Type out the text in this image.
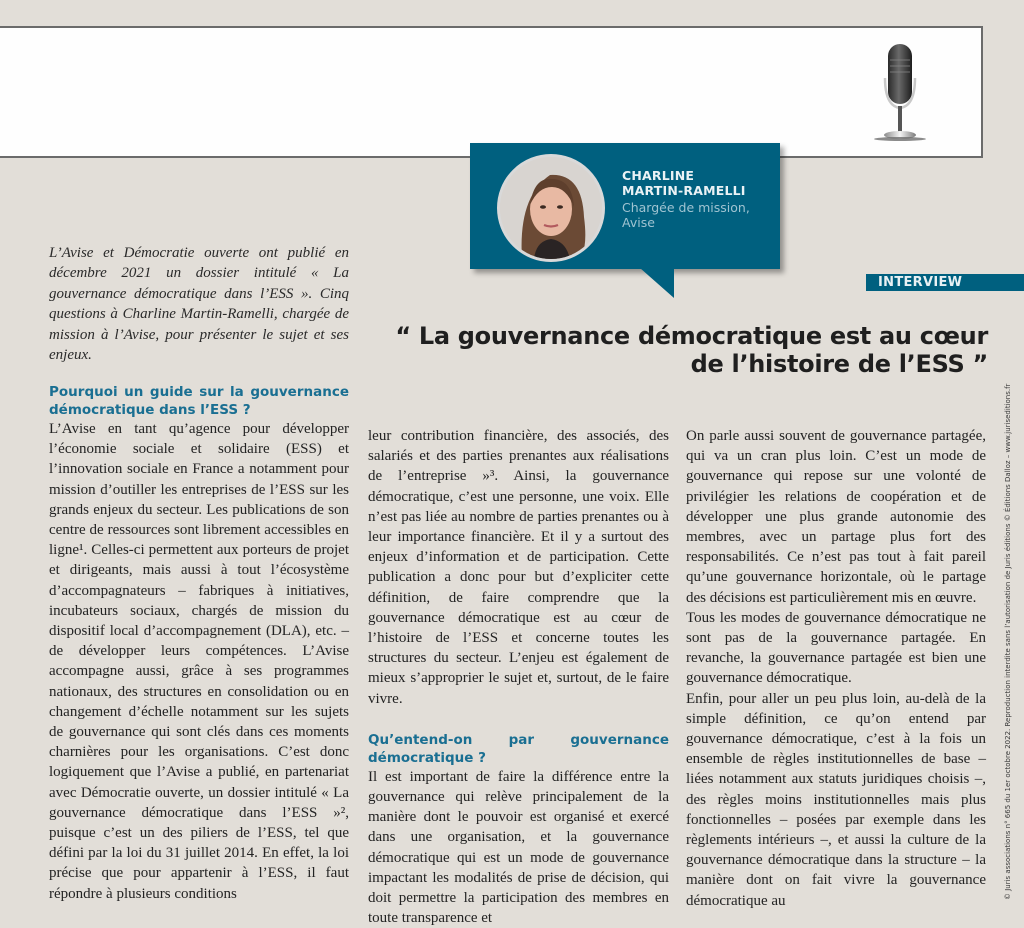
CHARLINE
MARTIN-RAMELLI
Chargée de mission,
Avise
INTERVIEW
“ La gouvernance démocratique est au cœur
de l’histoire de l’ESS ”
L’Avise et Démocratie ouverte ont publié en décembre 2021 un dossier intitulé « La gouvernance démocratique dans l’ESS ». Cinq questions à Charline Martin-Ramelli, chargée de mission à l’Avise, pour présenter le sujet et ses enjeux.

Pourquoi un guide sur la gouvernance démocratique dans l’ESS ?

L’Avise en tant qu’agence pour développer l’économie sociale et solidaire (ESS) et l’innovation sociale en France a notamment pour mission d’outiller les entreprises de l’ESS sur les grands enjeux du secteur. Les publications de son centre de ressources sont librement accessibles en ligne¹. Celles-ci permettent aux porteurs de projet et dirigeants, mais aussi à tout l’écosystème d’accompagnateurs – fabriques à initiatives, incubateurs sociaux, chargés de mission du dispositif local d’accompagnement (DLA), etc. – de développer leurs compétences. L’Avise accompagne aussi, grâce à ses programmes nationaux, des structures en consolidation ou en changement d’échelle notamment sur les sujets de gouvernance qui sont clés dans ces moments charnières pour les organisations. C’est donc logiquement que l’Avise a publié, en partenariat avec Démocratie ouverte, un dossier intitulé « La gouvernance démocratique dans l’ESS »², puisque c’est un des piliers de l’ESS, tel que défini par la loi du 31 juillet 2014. En effet, la loi précise que pour appartenir à l’ESS, il faut répondre à plusieurs conditions

leur contribution financière, des associés, des salariés et des parties prenantes aux réalisations de l’entreprise »³. Ainsi, la gouvernance démocratique, c’est une personne, une voix. Elle n’est pas liée au nombre de parties prenantes ou à leur importance financière. Et il y a surtout des enjeux d’information et de participation. Cette publication a donc pour but d’expliciter cette définition, de faire comprendre que la gouvernance démocratique est au cœur de l’histoire de l’ESS et concerne toutes les structures du secteur. L’enjeu est également de mieux s’approprier le sujet et, surtout, de le faire vivre.

Qu’entend-on par gouvernance démocratique ?

Il est important de faire la différence entre la gouvernance qui relève principalement de la manière dont le pouvoir est organisé et exercé dans une organisation, et la gouvernance démocratique qui est un mode de gouvernance impactant les modalités de prise de décision, qui doit permettre la participation des membres en toute transparence et

On parle aussi souvent de gouvernance partagée, qui va un cran plus loin. C’est un mode de gouvernance qui repose sur une volonté de privilégier les relations de coopération et de développer une plus grande autonomie des membres, avec un partage plus fort des responsabilités. Ce n’est pas tout à fait pareil qu’une gouvernance horizontale, où le partage des décisions est particulièrement mis en œuvre.

Tous les modes de gouvernance démocratique ne sont pas de la gouvernance partagée. En revanche, la gouvernance partagée est bien une gouvernance démocratique.

Enfin, pour aller un peu plus loin, au-delà de la simple définition, ce qu’on entend par gouvernance démocratique, c’est à la fois un ensemble de règles institutionnelles de base – liées notamment aux statuts juridiques choisis –, des règles moins institutionnelles mais plus fonctionnelles – posées par exemple dans les règlements intérieurs –, et aussi la culture de la gouvernance démocratique dans la structure – la manière dont on fait vivre la gouvernance démocratique au

© Juris associations n° 665 du 1er octobre 2022. Reproduction interdite sans l’autorisation de Juris éditions © Éditions Dalloz – www.juriseditions.fr
